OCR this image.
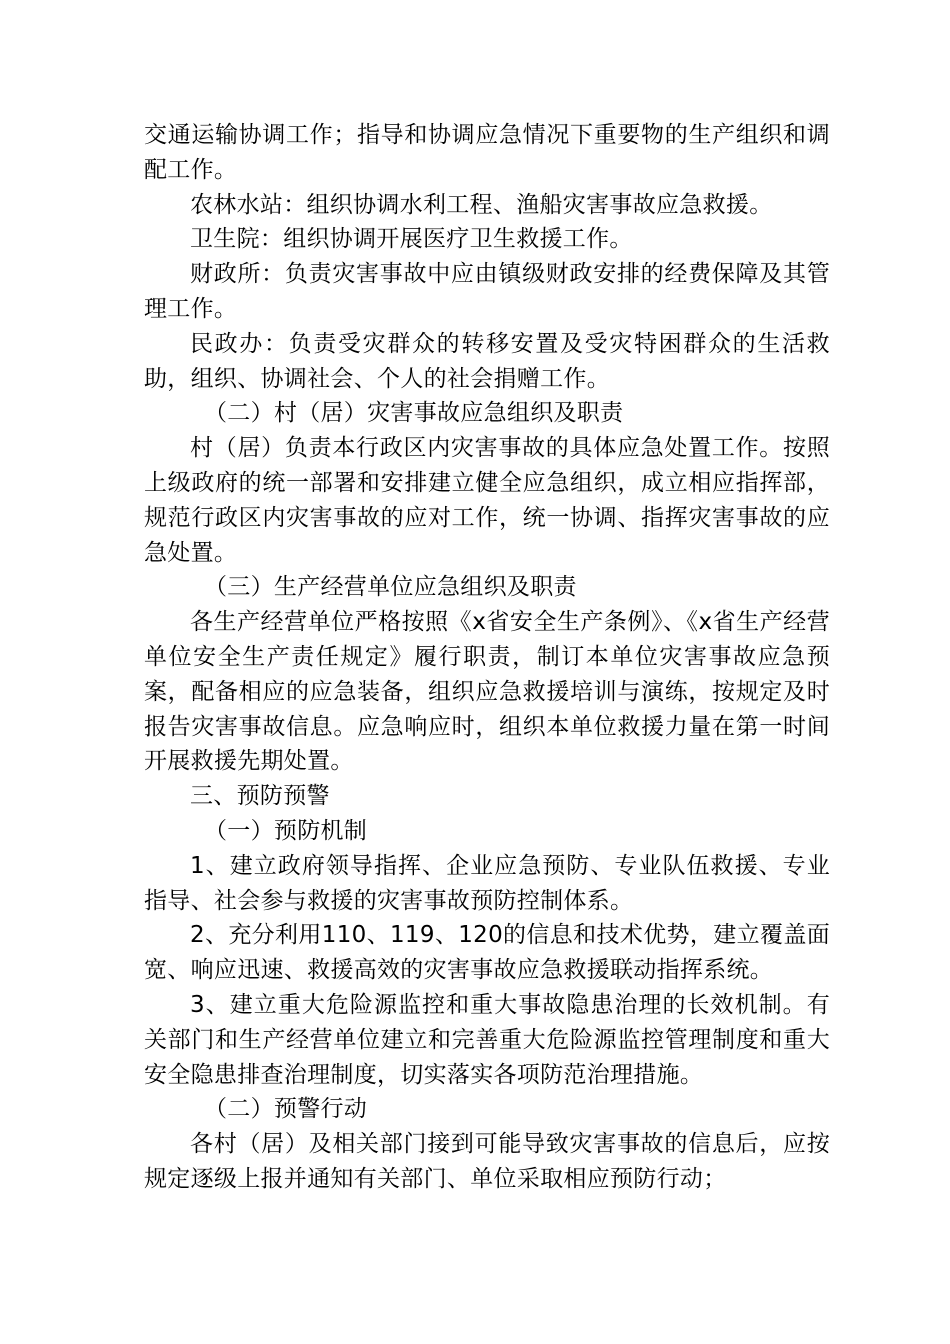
交通运输协调工作；指导和协调应急情况下重要物的生产组织和调配工作。

农林水站：组织协调水利工程、渔船灾害事故应急救援。

卫生院：组织协调开展医疗卫生救援工作。

财政所：负责灾害事故中应由镇级财政安排的经费保障及其管理工作。

民政办：负责受灾群众的转移安置及受灾特困群众的生活救助，组织、协调社会、个人的社会捐赠工作。

（二）村（居）灾害事故应急组织及职责

村（居）负责本行政区内灾害事故的具体应急处置工作。按照上级政府的统一部署和安排建立健全应急组织，成立相应指挥部，规范行政区内灾害事故的应对工作，统一协调、指挥灾害事故的应急处置。

（三）生产经营单位应急组织及职责

各生产经营单位严格按照《x省安全生产条例》、《x省生产经营单位安全生产责任规定》履行职责，制订本单位灾害事故应急预案，配备相应的应急装备，组织应急救援培训与演练，按规定及时报告灾害事故信息。应急响应时，组织本单位救援力量在第一时间开展救援先期处置。

三、预防预警

（一）预防机制

1、建立政府领导指挥、企业应急预防、专业队伍救援、专业指导、社会参与救援的灾害事故预防控制体系。

2、充分利用110、119、120的信息和技术优势，建立覆盖面宽、响应迅速、救援高效的灾害事故应急救援联动指挥系统。

3、建立重大危险源监控和重大事故隐患治理的长效机制。有关部门和生产经营单位建立和完善重大危险源监控管理制度和重大安全隐患排查治理制度，切实落实各项防范治理措施。

（二）预警行动

各村（居）及相关部门接到可能导致灾害事故的信息后，应按规定逐级上报并通知有关部门、单位采取相应预防行动；
